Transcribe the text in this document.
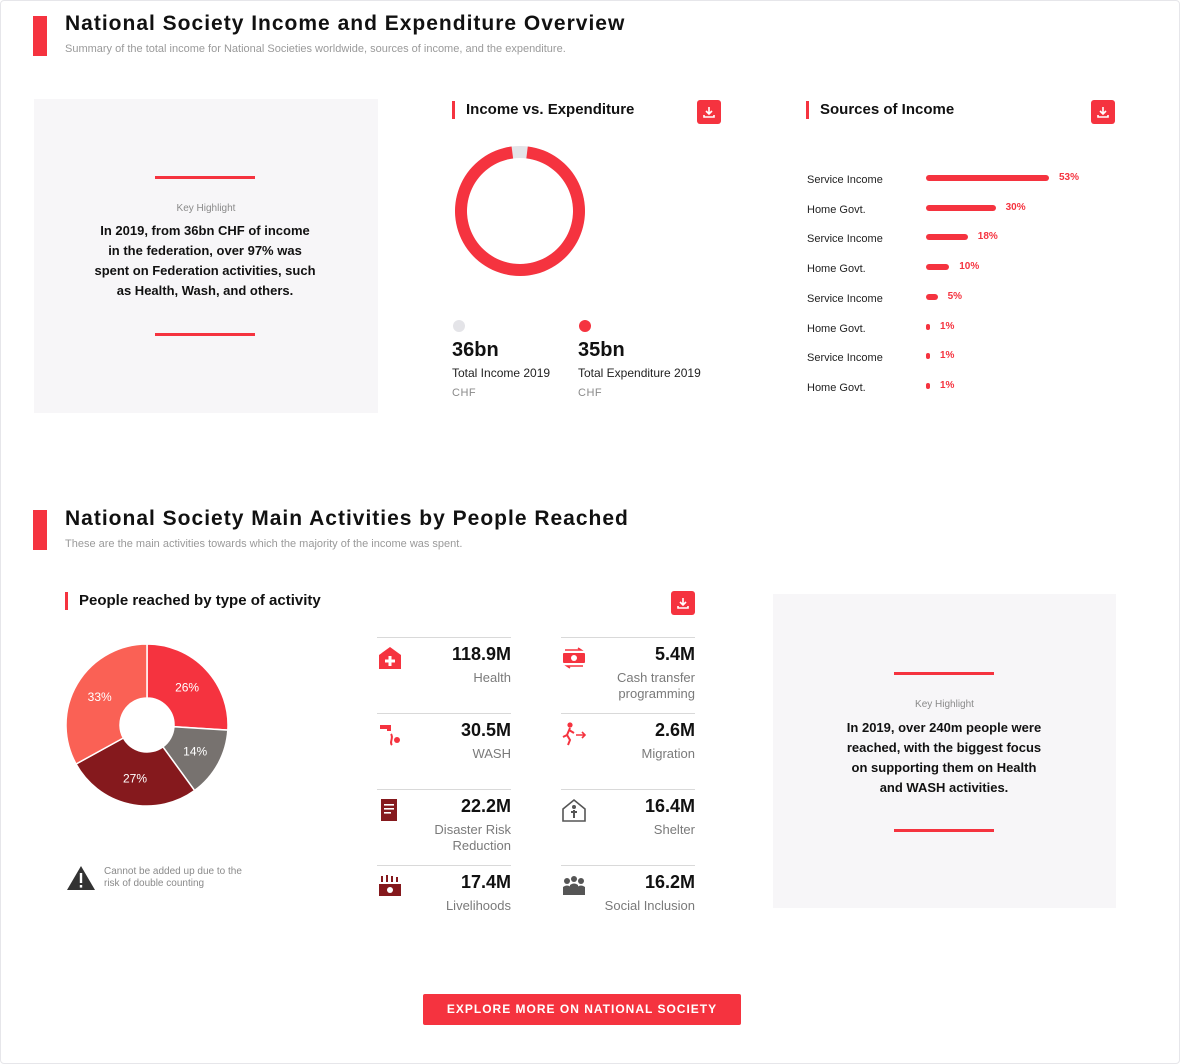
National Society Income and Expenditure Overview
Summary of the total income for National Societies worldwide, sources of income, and the expenditure.
Key Highlight
In 2019, from 36bn CHF of income in the federation, over 97% was spent on Federation activities, such as Health, Wash, and others.
Income vs. Expenditure
36bn
Total Income 2019
CHF
35bn
Total Expenditure 2019
CHF
Sources of Income
Service Income	53%
Home Govt.	30%
Service Income	18%
Home Govt.	10%
Service Income	5%
Home Govt.	1%
Service Income	1%
Home Govt.	1%
National Society Main Activities by People Reached
These are the main activities towards which the majority of the income was spent.
People reached by type of activity
26%
14%
27%
33%
Cannot be added up due to the risk of double counting
118.9M
Health
5.4M
Cash transfer programming
30.5M
WASH
2.6M
Migration
22.2M
Disaster Risk Reduction
16.4M
Shelter
17.4M
Livelihoods
16.2M
Social Inclusion
Key Highlight
In 2019, over 240m people were reached, with the biggest focus on supporting them on Health and WASH activities.
EXPLORE MORE ON NATIONAL SOCIETY PAGES
